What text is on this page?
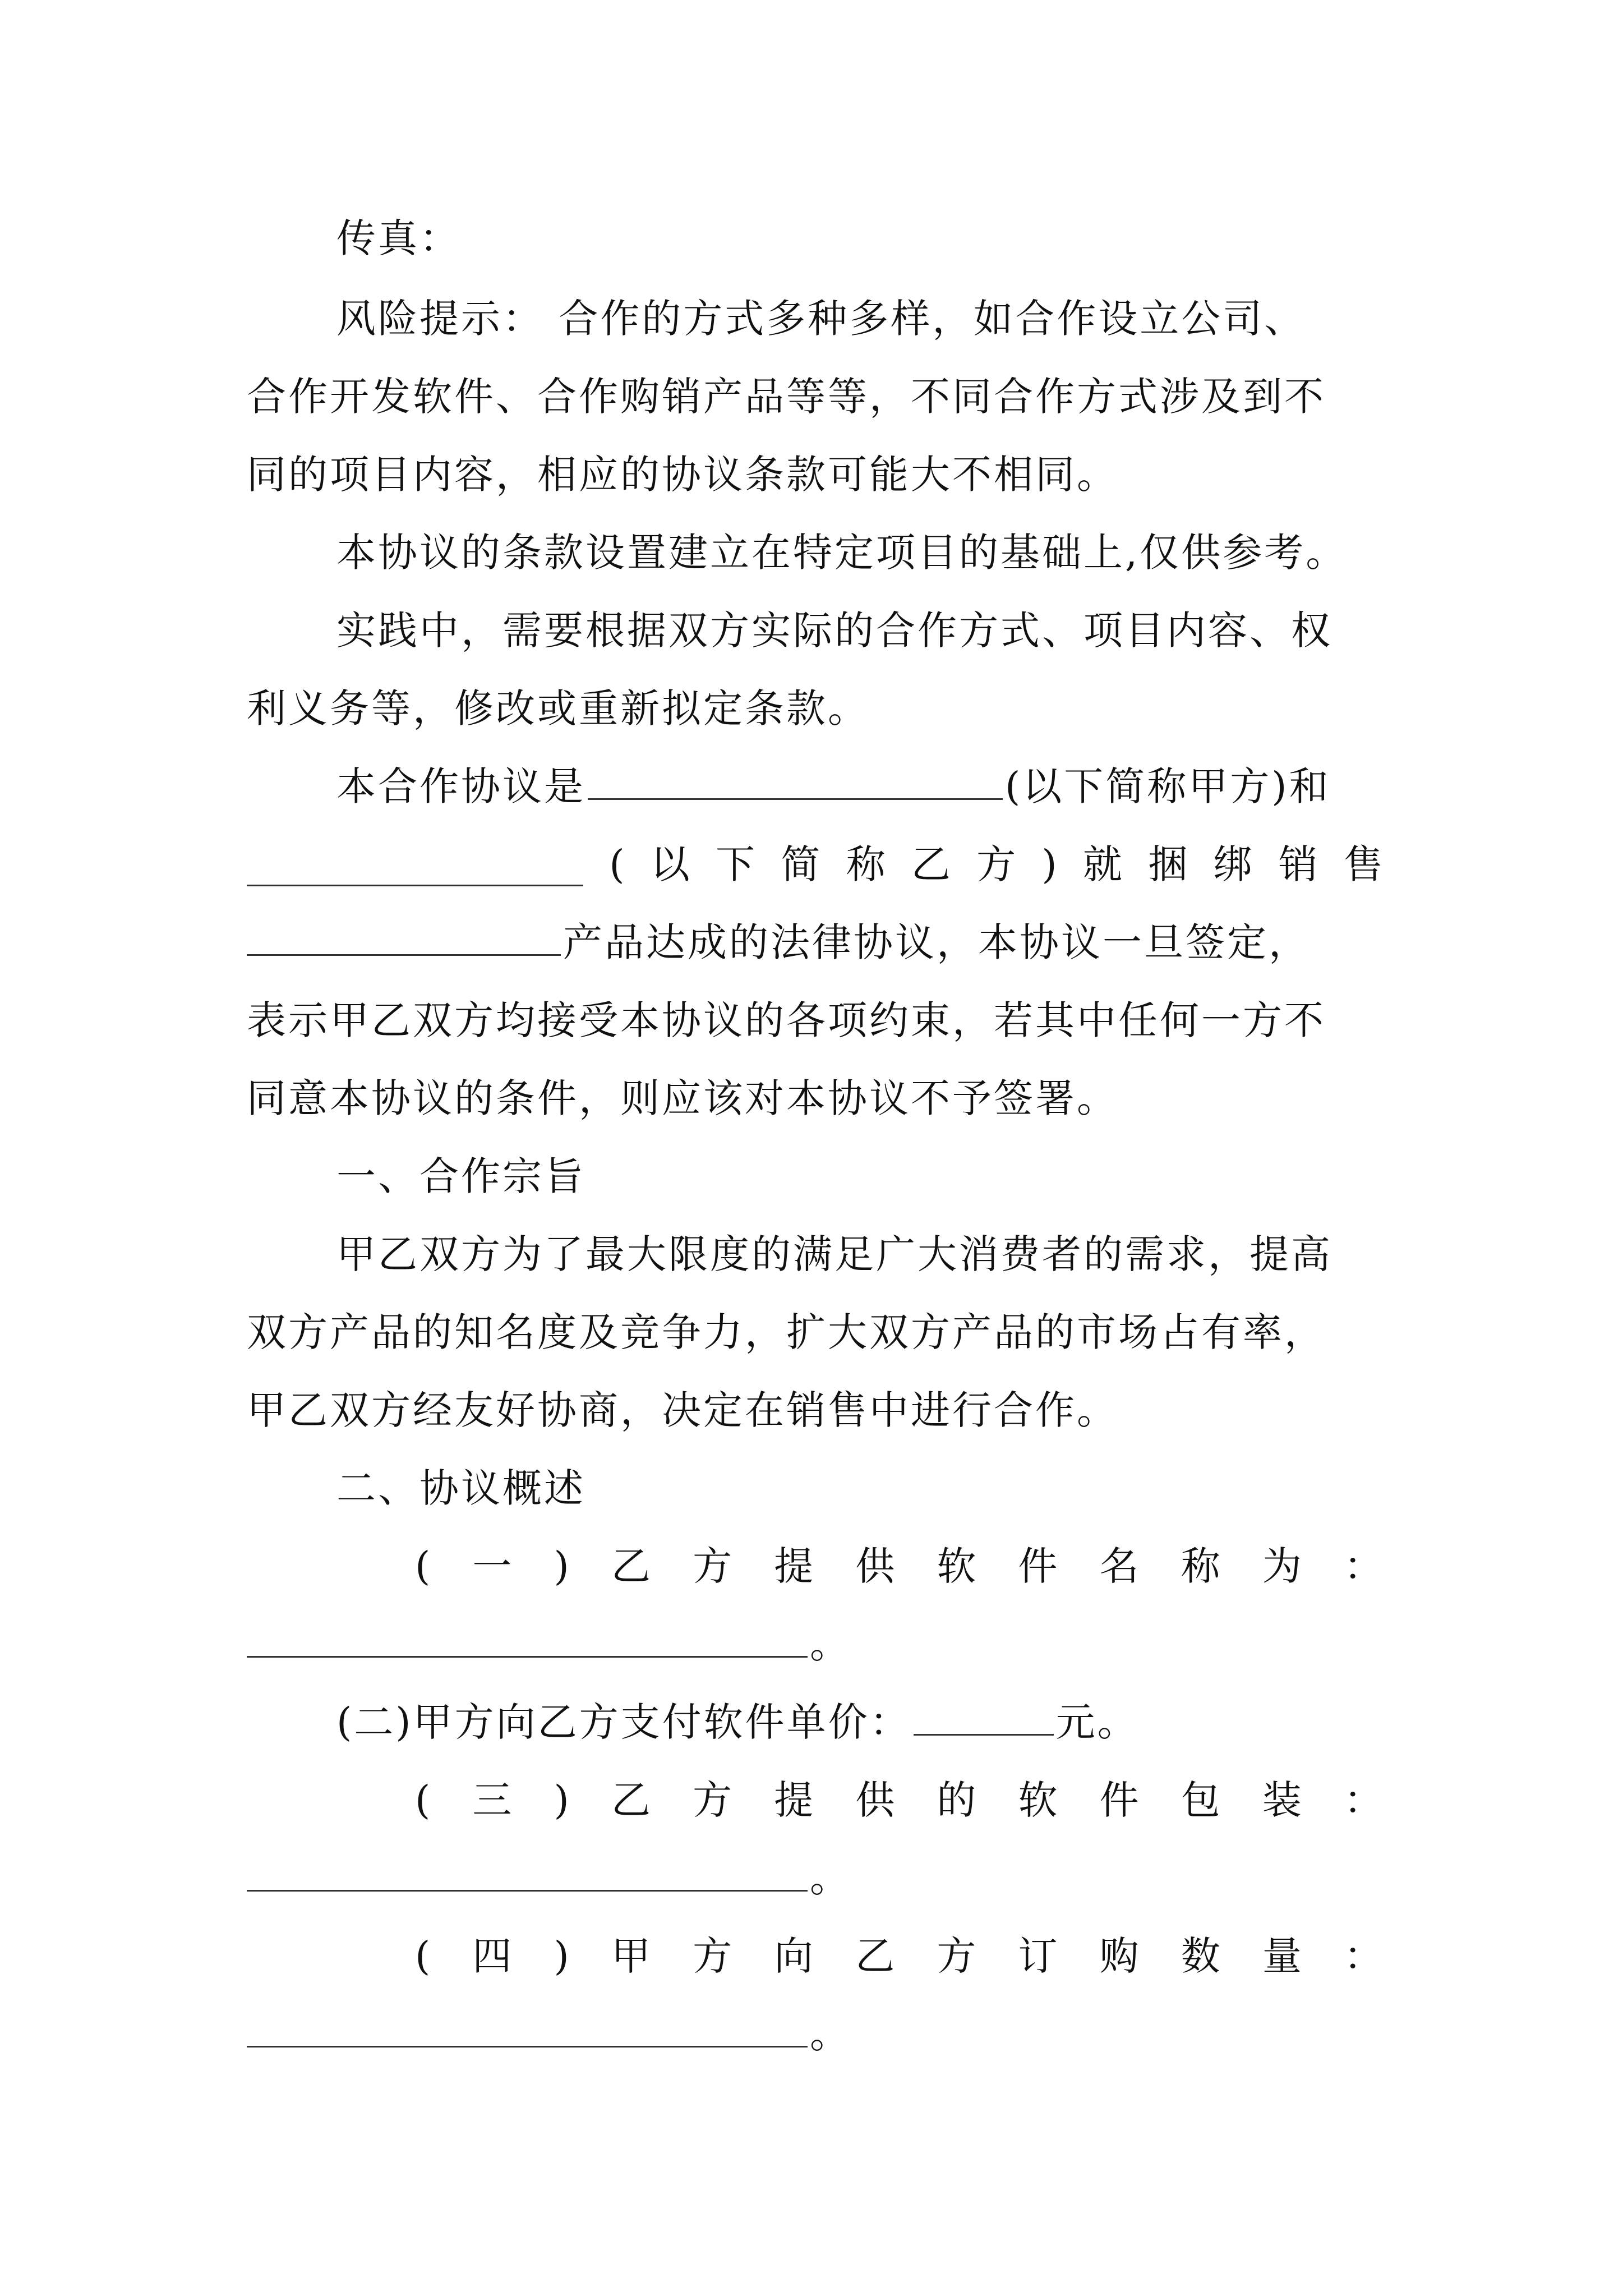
传真：
风险提示： 合作的方式多种多样，如合作设立公司、
合作开发软件、合作购销产品等等，不同合作方式涉及到不
同的项目内容，相应的协议条款可能大不相同。
本协议的条款设置建立在特定项目的基础上,仅供参考。
实践中，需要根据双方实际的合作方式、项目内容、权
利义务等，修改或重新拟定条款。
本合作协议是	(以下简称甲方)和
( 以 下 简 称 乙 方 ) 就 捆 绑 销 售
产品达成的法律协议，本协议一旦签定，
表示甲乙双方均接受本协议的各项约束，若其中任何一方不
同意本协议的条件，则应该对本协议不予签署。
一、合作宗旨
甲乙双方为了最大限度的满足广大消费者的需求，提高
双方产品的知名度及竞争力，扩大双方产品的市场占有率，
甲乙双方经友好协商，决定在销售中进行合作。
二、协议概述
( 一 ) 乙 方 提 供 软 件 名 称 为 ：
。
(二)甲方向乙方支付软件单价：	元。
( 三 ) 乙 方 提 供 的 软 件 包 装 ：
。
( 四 ) 甲 方 向 乙 方 订 购 数 量 ：
。
